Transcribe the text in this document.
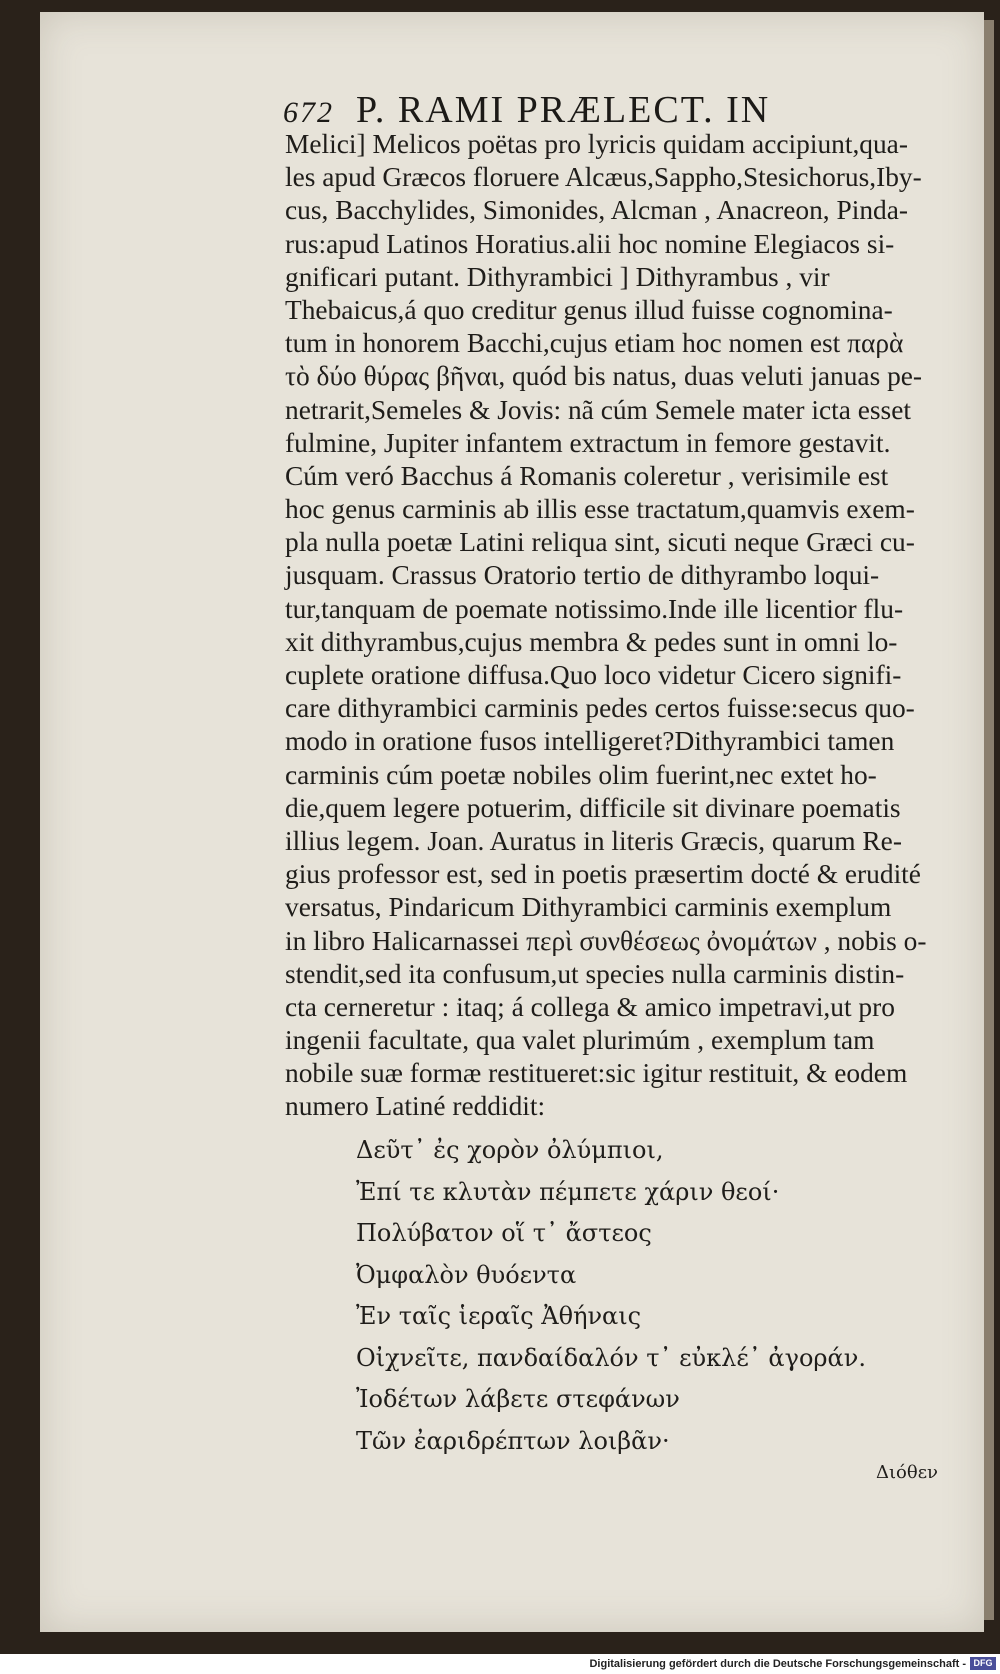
672 P. RAMI PRÆLECT. IN
Melici] Melicos poëtas pro lyricis quidam accipiunt,qua-
les apud Græcos floruere Alcæus,Sappho,Stesichorus,Iby-
cus, Bacchylides, Simonides, Alcman , Anacreon, Pinda-
rus:apud Latinos Horatius.alii hoc nomine Elegiacos si-
gnificari putant. Dithyrambici ] Dithyrambus , vir
Thebaicus,á quo creditur genus illud fuisse cognomina-
tum in honorem Bacchi,cujus etiam hoc nomen est παρὰ
τὸ δύο θύρας βῆναι, quód bis natus, duas veluti januas pe-
netrarit,Semeles & Jovis: nã cúm Semele mater icta esset
fulmine, Jupiter infantem extractum in femore gestavit.
Cúm veró Bacchus á Romanis coleretur , verisimile est
hoc genus carminis ab illis esse tractatum,quamvis exem-
pla nulla poetæ Latini reliqua sint, sicuti neque Græci cu-
jusquam. Crassus Oratorio tertio de dithyrambo loqui-
tur,tanquam de poemate notissimo.Inde ille licentior flu-
xit dithyrambus,cujus membra & pedes sunt in omni lo-
cuplete oratione diffusa.Quo loco videtur Cicero signifi-
care dithyrambici carminis pedes certos fuisse:secus quo-
modo in oratione fusos intelligeret?Dithyrambici tamen
carminis cúm poetæ nobiles olim fuerint,nec extet ho-
die,quem legere potuerim, difficile sit divinare poematis
illius legem. Joan. Auratus in literis Græcis, quarum Re-
gius professor est, sed in poetis præsertim docté & erudité
versatus, Pindaricum Dithyrambici carminis exemplum
in libro Halicarnassei περὶ συνθέσεως ὀνομάτων , nobis o-
stendit,sed ita confusum,ut species nulla carminis distin-
cta cerneretur : itaq; á collega & amico impetravi,ut pro
ingenii facultate, qua valet plurimúm , exemplum tam
nobile suæ formæ restitueret:sic igitur restituit, & eodem
numero Latiné reddidit:
Δεῦτ᾽ ἐς χορὸν ὀλύμπιοι,
Ἐπί τε κλυτὰν πέμπετε χάριν θεοί·
Πολύβατον οἵ τ᾽ ἄστεος
Ὀμφαλὸν θυόεντα
Ἐν ταῖς ἱεραῖς Ἀθήναις
Οἰχνεῖτε, πανδαίδαλόν τ᾽ εὐκλέ᾽ ἀγοράν.
Ἰοδέτων λάβετε στεφάνων
Τῶν ἐαριδρέπτων λοιβᾶν·
Διόθεν
Digitalisierung gefördert durch die Deutsche Forschungsgemeinschaft - DFG
